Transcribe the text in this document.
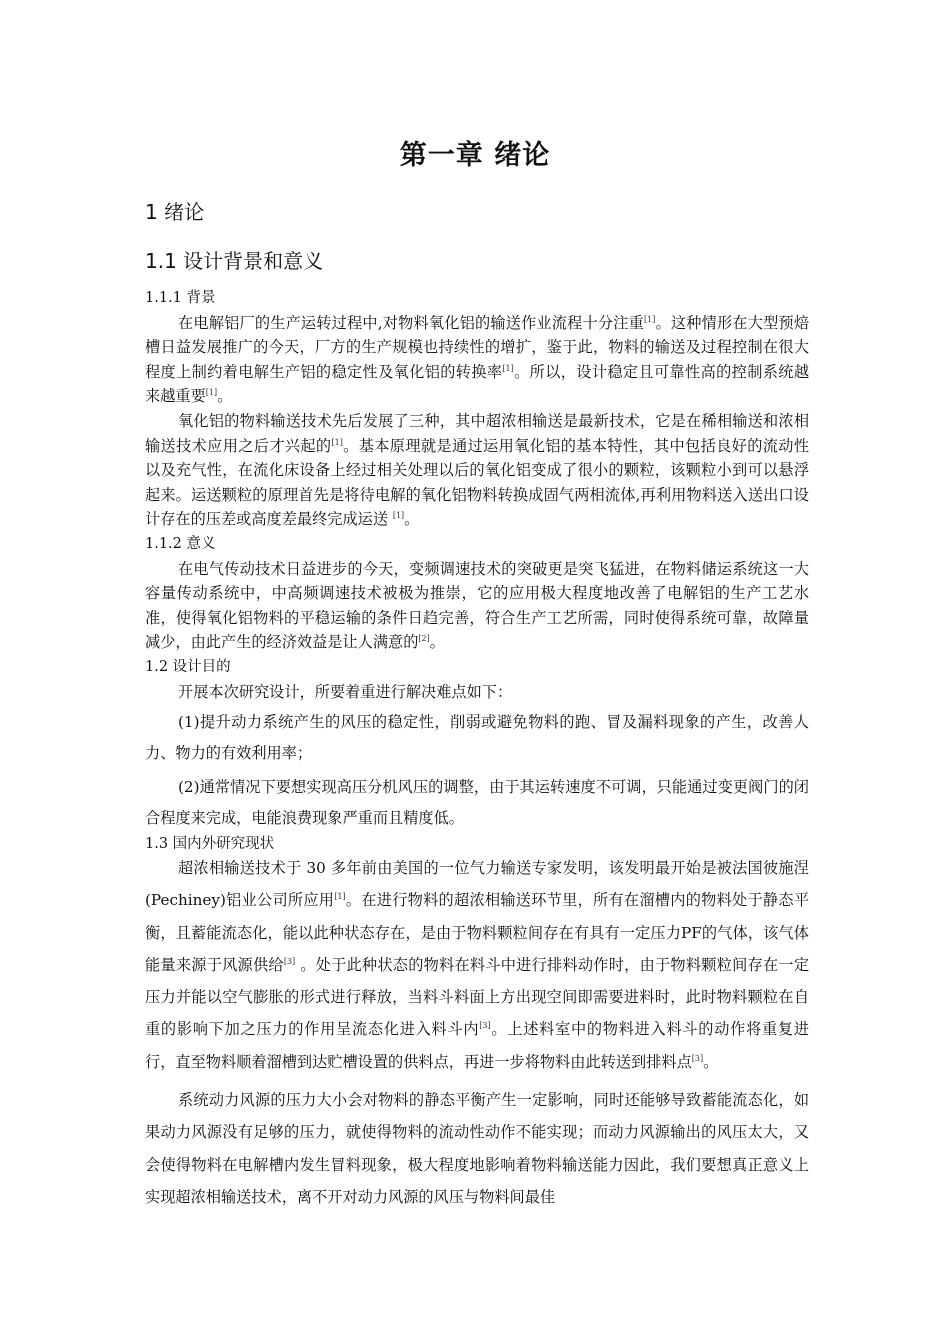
第一章 绪论
1 绪论
1.1 设计背景和意义

1.1.1 背景

在电解铝厂的生产运转过程中,对物料氧化铝的输送作业流程十分注重[1]。这种情形在大型预焙槽日益发展推广的今天，厂方的生产规模也持续性的增扩，鉴于此，物料的输送及过程控制在很大程度上制约着电解生产铝的稳定性及氧化铝的转换率[1]。所以，设计稳定且可靠性高的控制系统越来越重要[1]。

氧化铝的物料输送技术先后发展了三种，其中超浓相输送是最新技术，它是在稀相输送和浓相输送技术应用之后才兴起的[1]。基本原理就是通过运用氧化铝的基本特性，其中包括良好的流动性以及充气性，在流化床设备上经过相关处理以后的氧化铝变成了很小的颗粒，该颗粒小到可以悬浮起来。运送颗粒的原理首先是将待电解的氧化铝物料转换成固气两相流体,再利用物料送入送出口设计存在的压差或高度差最终完成运送 [1]。

1.1.2 意义

在电气传动技术日益进步的今天，变频调速技术的突破更是突飞猛进，在物料储运系统这一大容量传动系统中，中高频调速技术被极为推崇，它的应用极大程度地改善了电解铝的生产工艺水准，使得氧化铝物料的平稳运输的条件日趋完善，符合生产工艺所需，同时使得系统可靠，故障量减少，由此产生的经济效益是让人满意的[2]。

1.2 设计目的

开展本次研究设计，所要着重进行解决难点如下：

(1)提升动力系统产生的风压的稳定性，削弱或避免物料的跑、冒及漏料现象的产生，改善人力、物力的有效利用率；

(2)通常情况下要想实现高压分机风压的调整，由于其运转速度不可调，只能通过变更阀门的闭合程度来完成，电能浪费现象严重而且精度低。

1.3 国内外研究现状

超浓相输送技术于 30 多年前由美国的一位气力输送专家发明，该发明最开始是被法国彼施涅(Pechiney)铝业公司所应用[1]。在进行物料的超浓相输送环节里，所有在溜槽内的物料处于静态平衡，且蓄能流态化，能以此种状态存在，是由于物料颗粒间存在有具有一定压力PF的气体，该气体能量来源于风源供给[3] 。处于此种状态的物料在料斗中进行排料动作时，由于物料颗粒间存在一定压力并能以空气膨胀的形式进行释放，当料斗料面上方出现空间即需要进料时，此时物料颗粒在自重的影响下加之压力的作用呈流态化进入料斗内[3]。上述料室中的物料进入料斗的动作将重复进行，直至物料顺着溜槽到达贮槽设置的供料点，再进一步将物料由此转送到排料点[3]。

系统动力风源的压力大小会对物料的静态平衡产生一定影响，同时还能够导致蓄能流态化，如果动力风源没有足够的压力，就使得物料的流动性动作不能实现；而动力风源输出的风压太大，又会使得物料在电解槽内发生冒料现象，极大程度地影响着物料输送能力因此，我们要想真正意义上实现超浓相输送技术，离不开对动力风源的风压与物料间最佳
